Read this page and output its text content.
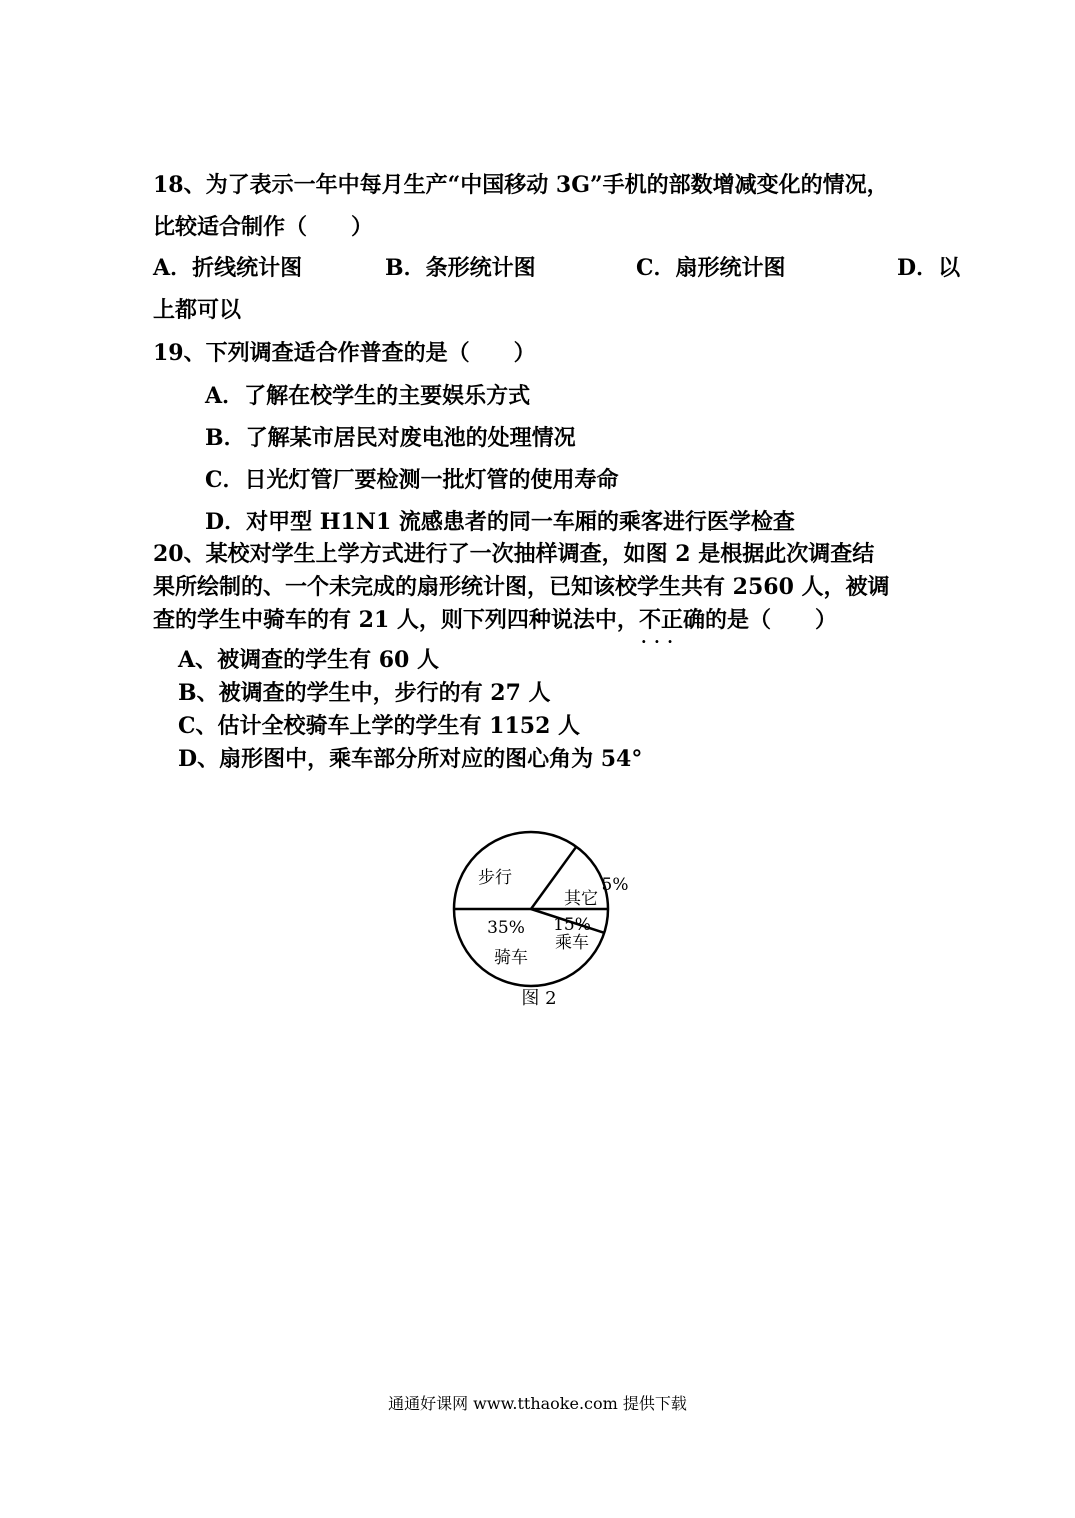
18、为了表示一年中每月生产“中国移动 3G”手机的部数增减变化的情况，
比较适合制作（　　）
A．折线统计图	B．条形统计图	C．扇形统计图	D．以
上都可以
19、下列调查适合作普查的是（　　）
A．了解在校学生的主要娱乐方式
B．了解某市居民对废电池的处理情况
C．日光灯管厂要检测一批灯管的使用寿命
D．对甲型 H1N1 流感患者的同一车厢的乘客进行医学检查
20、某校对学生上学方式进行了一次抽样调查，如图 2 是根据此次调查结
果所绘制的、一个未完成的扇形统计图，已知该校学生共有 2560 人，被调
查的学生中骑车的有 21 人，则下列四种说法中，不正确 · · ·的是（　　）
A、被调查的学生有 60 人
B、被调查的学生中，步行的有 27 人
C、估计全校骑车上学的学生有 1152 人
D、扇形图中，乘车部分所对应的图心角为 54°
步行
其它
5%
乘车
15%
骑车
35%
图 2
通通好课网 www.tthaoke.com 提供下载
